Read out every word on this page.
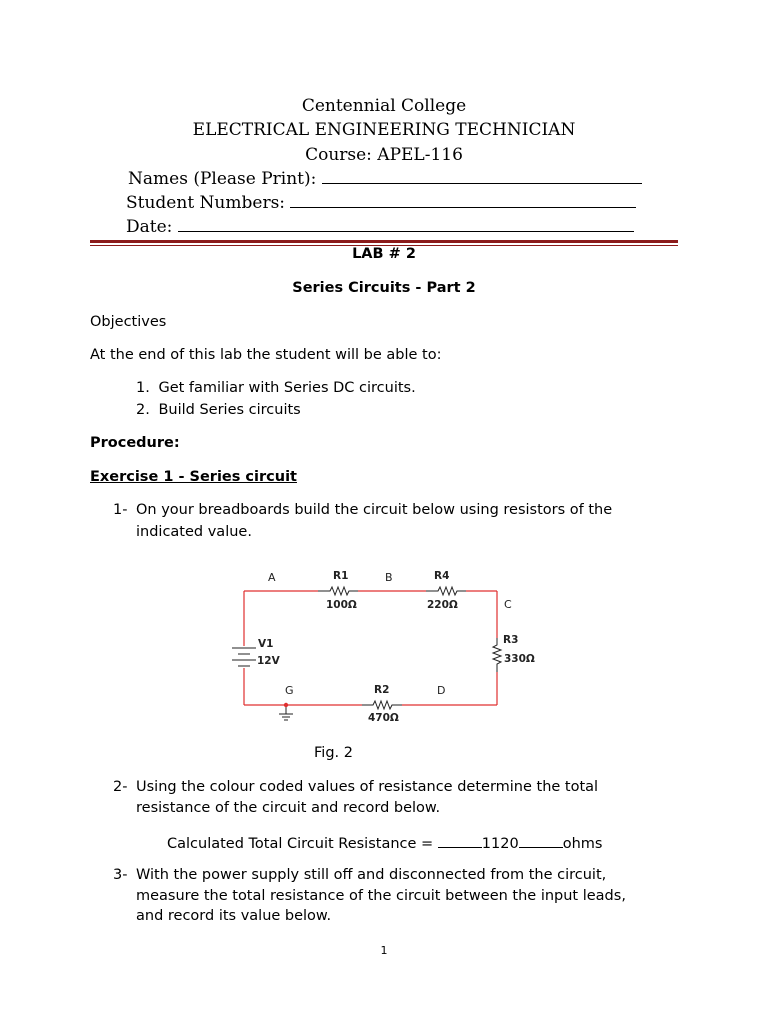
Centennial College
ELECTRICAL ENGINEERING TECHNICIAN
Course: APEL-116
Names (Please Print):
Student Numbers:
Date:
LAB # 2
Series Circuits - Part 2
Objectives
At the end of this lab the student will be able to:
1. Get familiar with Series DC circuits.
2. Build Series circuits
Procedure:
Exercise 1 - Series circuit
1- On your breadboards build the circuit below using resistors of the
indicated value.
A	B
C
D
G
R1
100Ω
R4
220Ω
R3
330Ω
R2
470Ω
V1
12V
Fig. 2
2- Using the colour coded values of resistance determine the total
resistance of the circuit and record below.
Calculated Total Circuit Resistance =	1120	ohms
3- With the power supply still off and disconnected from the circuit,
measure the total resistance of the circuit between the input leads,
and record its value below.
1
